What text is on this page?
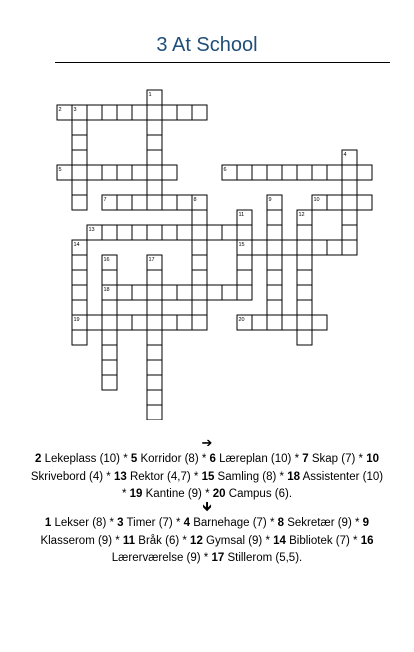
3 At School
1
2 3
4
5	6
7	8	9	10
11	12
13
14	15
16	17
18
19	20
➔
2 Lekeplass (10) * 5 Korridor (8) * 6 Læreplan (10) * 7 Skap (7) * 10 Skrivebord (4) * 13 Rektor (4,7) * 15 Samling (8) * 18 Assistenter (10) * 19 Kantine (9) * 20 Campus (6).
🡻
1 Lekser (8) * 3 Timer (7) * 4 Barnehage (7) * 8 Sekretær (9) * 9 Klasserom (9) * 11 Bråk (6) * 12 Gymsal (9) * 14 Bibliotek (7) * 16 Lærerværelse (9) * 17 Stillerom (5,5).
